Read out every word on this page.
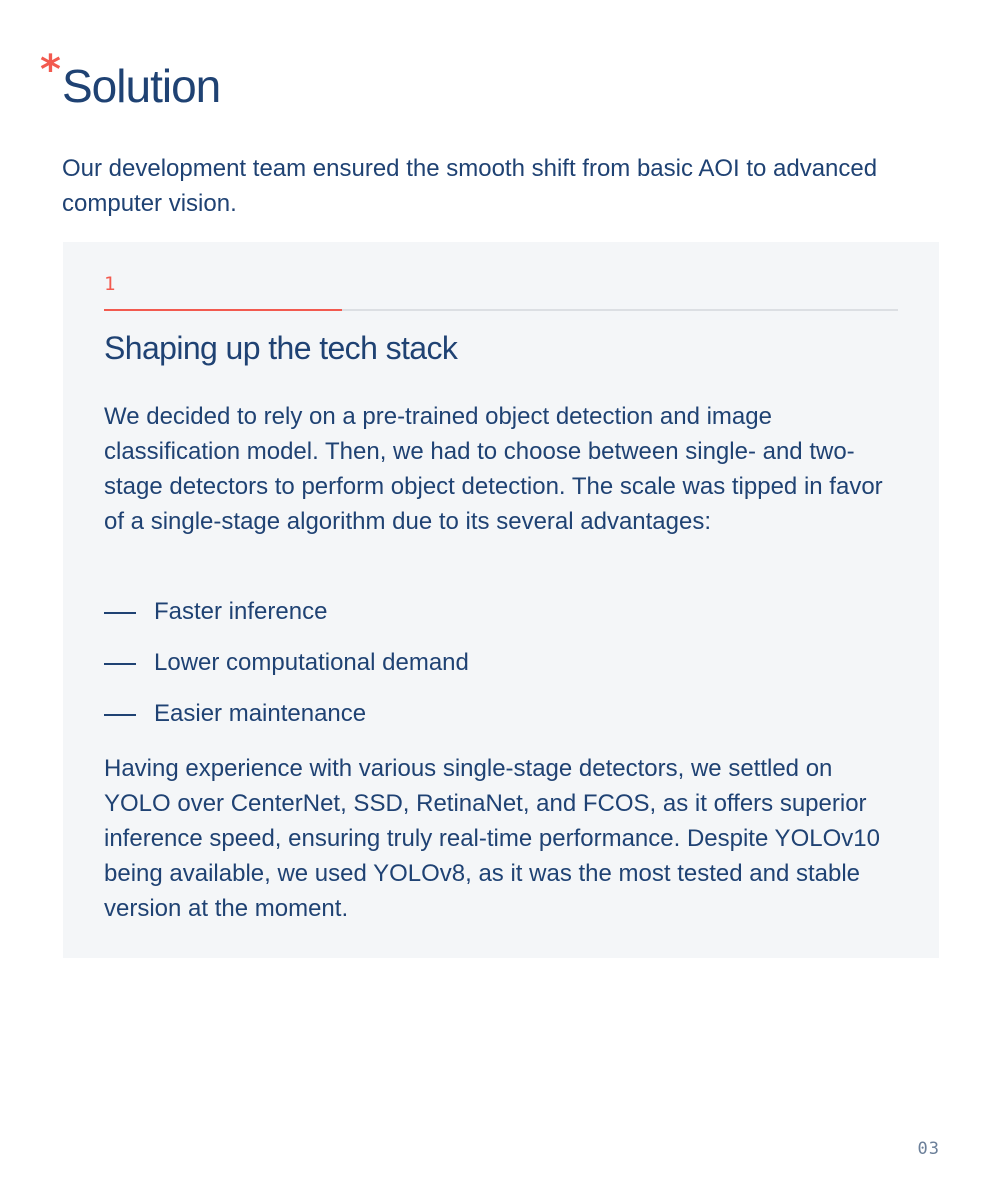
* Solution

Our development team ensured the smooth shift from basic AOI to advanced computer vision.

1
Shaping up the tech stack

We decided to rely on a pre-trained object detection and image classification model. Then, we had to choose between single- and two-stage detectors to perform object detection. The scale was tipped in favor of a single-stage algorithm due to its several advantages:

Faster inference
Lower computational demand
Easier maintenance

Having experience with various single-stage detectors, we settled on YOLO over CenterNet, SSD, RetinaNet, and FCOS, as it offers superior inference speed, ensuring truly real-time performance. Despite YOLOv10 being available, we used YOLOv8, as it was the most tested and stable version at the moment.

03
